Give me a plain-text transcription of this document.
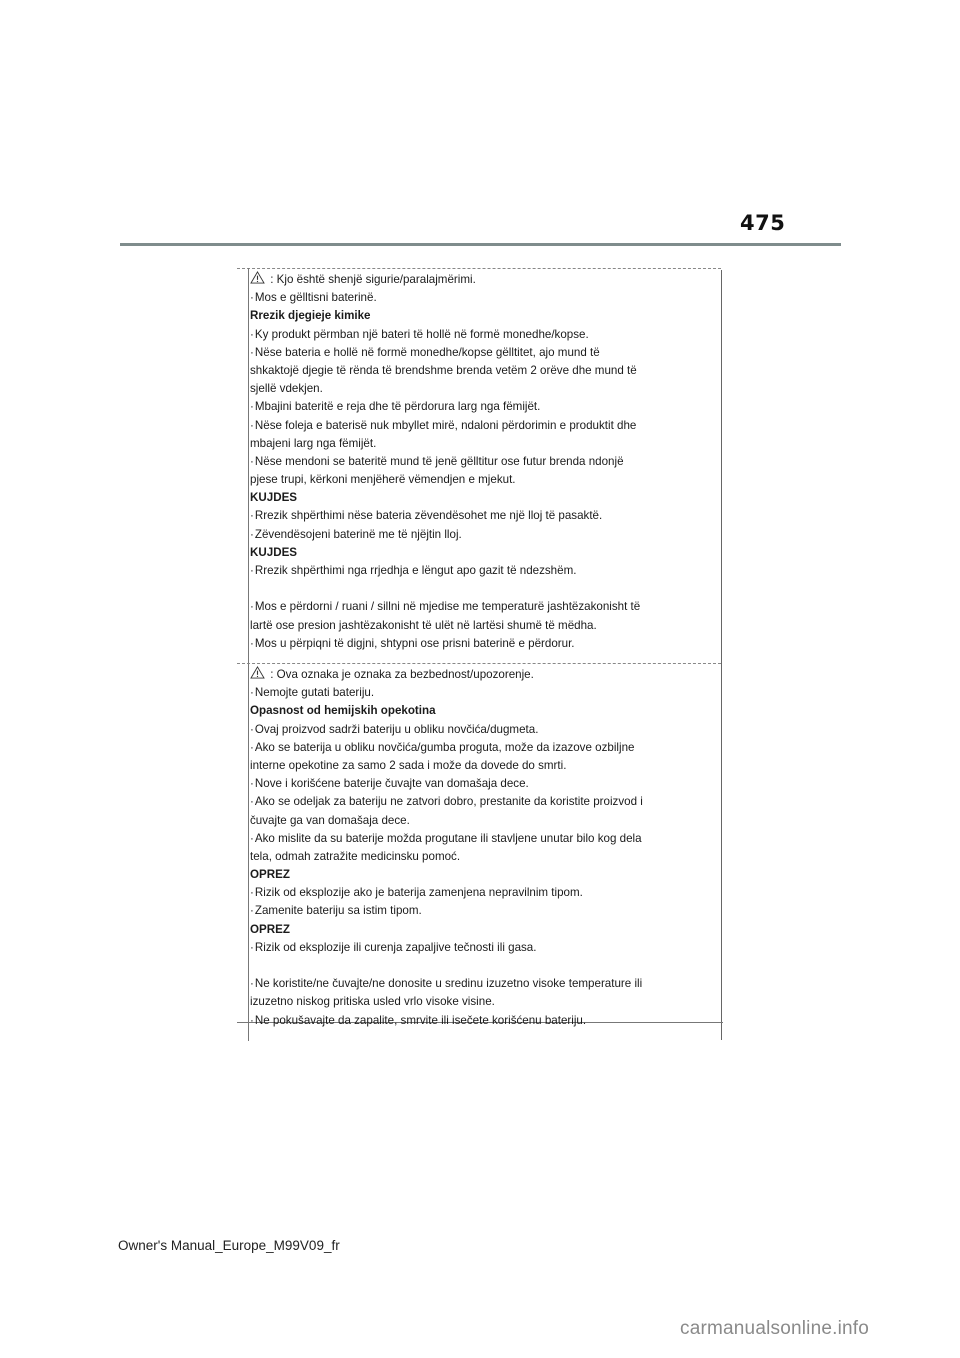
475
: Kjo është shenjë sigurie/paralajmërimi.
·Mos e gëlltisni baterinë.
Rrezik djegieje kimike
·Ky produkt përmban një bateri të hollë në formë monedhe/kopse.
·Nëse bateria e hollë në formë monedhe/kopse gëlltitet, ajo mund të
shkaktojë djegie të rënda të brendshme brenda vetëm 2 orëve dhe mund të
sjellë vdekjen.
·Mbajini bateritë e reja dhe të përdorura larg nga fëmijët.
·Nëse foleja e baterisë nuk mbyllet mirë, ndaloni përdorimin e produktit dhe
mbajeni larg nga fëmijët.
·Nëse mendoni se bateritë mund të jenë gëlltitur ose futur brenda ndonjë
pjese trupi, kërkoni menjëherë vëmendjen e mjekut.
KUJDES
·Rrezik shpërthimi nëse bateria zëvendësohet me një lloj të pasaktë.
·Zëvendësojeni baterinë me të njëjtin lloj.
KUJDES
·Rrezik shpërthimi nga rrjedhja e lëngut apo gazit të ndezshëm.
·Mos e përdorni / ruani / sillni në mjedise me temperaturë jashtëzakonisht të
lartë ose presion jashtëzakonisht të ulët në lartësi shumë të mëdha.
·Mos u përpiqni të digjni, shtypni ose prisni baterinë e përdorur.
: Ova oznaka je oznaka za bezbednost/upozorenje.
·Nemojte gutati bateriju.
Opasnost od hemijskih opekotina
·Ovaj proizvod sadrži bateriju u obliku novčića/dugmeta.
·Ako se baterija u obliku novčića/gumba proguta, može da izazove ozbiljne
interne opekotine za samo 2 sada i može da dovede do smrti.
·Nove i korišćene baterije čuvajte van domašaja dece.
·Ako se odeljak za bateriju ne zatvori dobro, prestanite da koristite proizvod i
čuvajte ga van domašaja dece.
·Ako mislite da su baterije možda progutane ili stavljene unutar bilo kog dela
tela, odmah zatražite medicinsku pomoć.
OPREZ
·Rizik od eksplozije ako je baterija zamenjena nepravilnim tipom.
·Zamenite bateriju sa istim tipom.
OPREZ
·Rizik od eksplozije ili curenja zapaljive tečnosti ili gasa.
·Ne koristite/ne čuvajte/ne donosite u sredinu izuzetno visoke temperature ili
izuzetno niskog pritiska usled vrlo visoke visine.
·Ne pokušavajte da zapalite, smrvite ili isečete korišćenu bateriju.
Owner's Manual_Europe_M99V09_fr
carmanualsonline.info
